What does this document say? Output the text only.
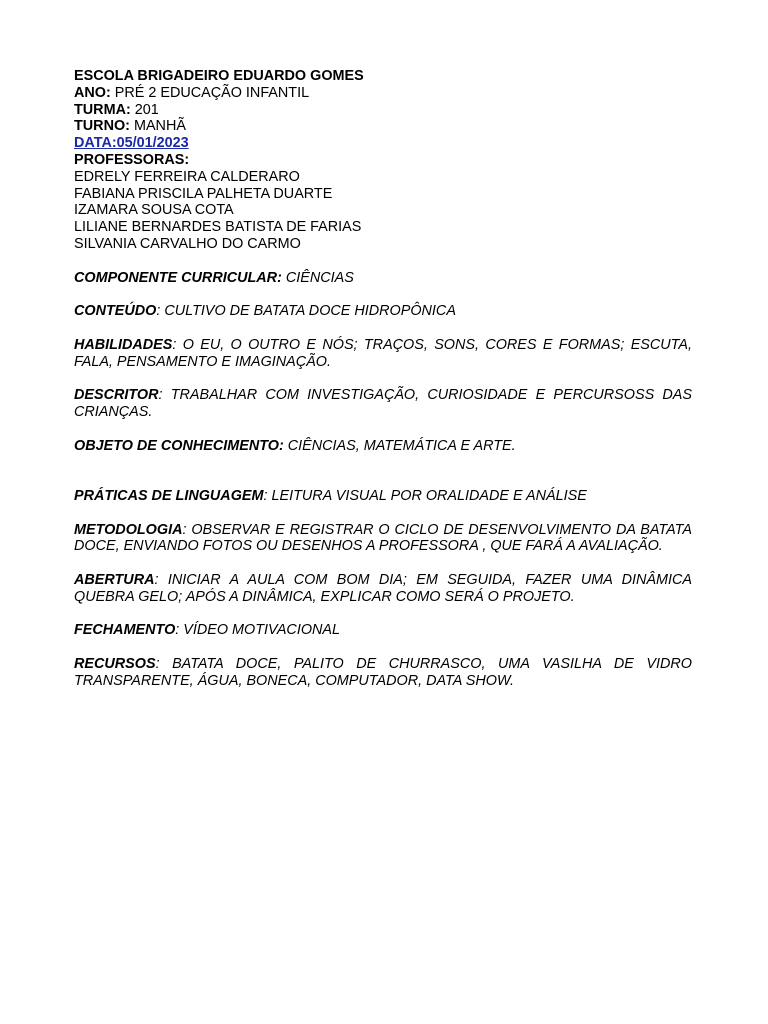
ESCOLA BRIGADEIRO EDUARDO GOMES
ANO: PRÉ 2 EDUCAÇÃO INFANTIL
TURMA: 201
TURNO: MANHÃ
DATA:05/01/2023
PROFESSORAS:
EDRELY FERREIRA CALDERARO
FABIANA PRISCILA PALHETA DUARTE
IZAMARA SOUSA COTA
LILIANE BERNARDES BATISTA DE FARIAS
SILVANIA CARVALHO DO CARMO
COMPONENTE CURRICULAR: CIÊNCIAS
CONTEÚDO: CULTIVO DE BATATA DOCE HIDROPÔNICA
HABILIDADES: O EU, O OUTRO E NÓS; TRAÇOS, SONS, CORES E FORMAS; ESCUTA, FALA, PENSAMENTO E IMAGINAÇÃO.
DESCRITOR: TRABALHAR COM INVESTIGAÇÃO, CURIOSIDADE E PERCURSOSS DAS CRIANÇAS.
OBJETO DE CONHECIMENTO: CIÊNCIAS, MATEMÁTICA E ARTE.
PRÁTICAS DE LINGUAGEM: LEITURA VISUAL POR ORALIDADE E ANÁLISE
METODOLOGIA: OBSERVAR E REGISTRAR O CICLO DE DESENVOLVIMENTO DA BATATA DOCE, ENVIANDO FOTOS OU DESENHOS A PROFESSORA , QUE FARÁ A AVALIAÇÃO.
ABERTURA: INICIAR A AULA COM BOM DIA; EM SEGUIDA, FAZER UMA DINÂMICA QUEBRA GELO; APÓS A DINÂMICA, EXPLICAR COMO SERÁ O PROJETO.
FECHAMENTO: VÍDEO MOTIVACIONAL
RECURSOS: BATATA DOCE, PALITO DE CHURRASCO, UMA VASILHA DE VIDRO TRANSPARENTE, ÁGUA, BONECA, COMPUTADOR, DATA SHOW.
